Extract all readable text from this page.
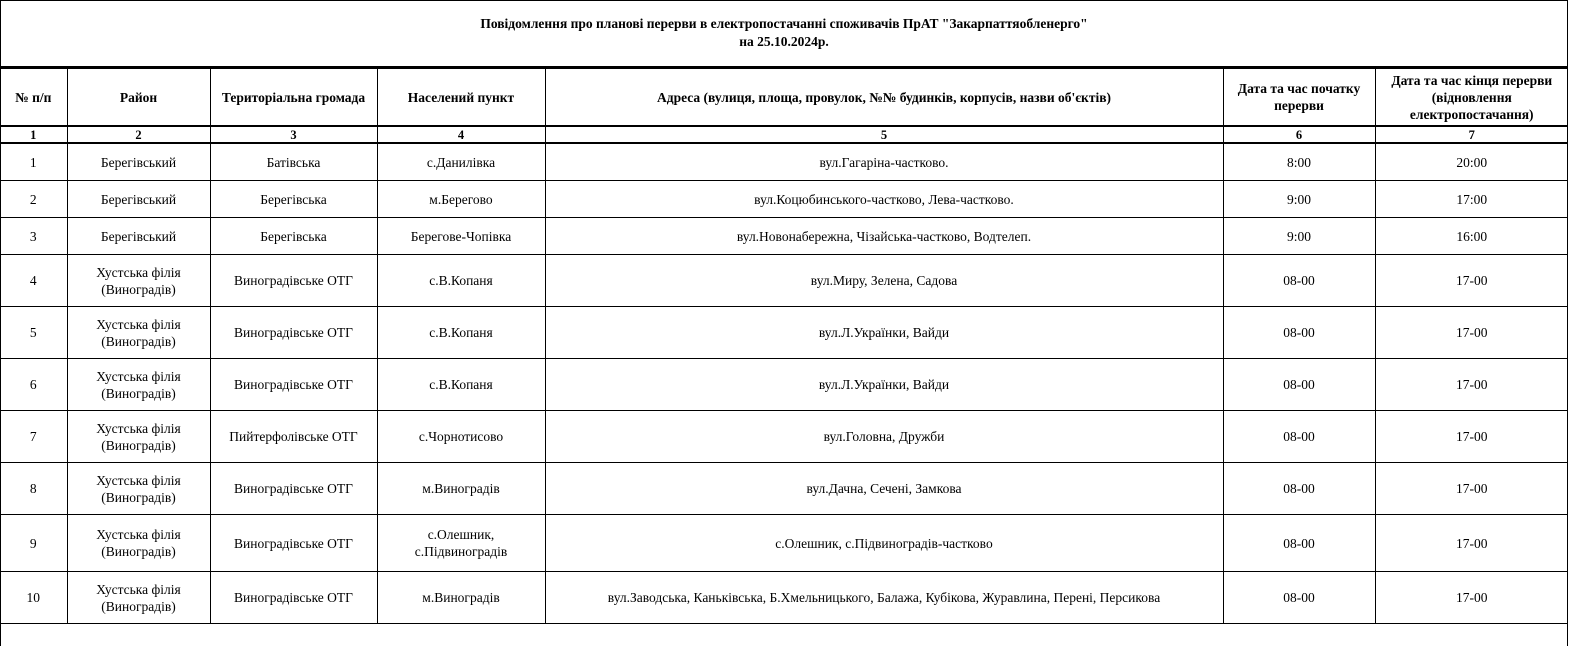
Повідомлення про планові перерви в електропостачанні споживачів ПрАТ "Закарпаттяобленерго"
на 25.10.2024р.
№ п/п	Район	Територіальна громада	Населений пункт	Адреса (вулиця, площа, провулок, №№ будинків, корпусів, назви об'єктів)	Дата та час початку перерви	Дата та час кінця перерви (відновлення електропостачання)
1	2	3	4	5	6	7
1	Берегівський	Батівська	с.Данилівка	вул.Гагаріна-частково.	8:00	20:00
2	Берегівський	Берегівська	м.Берегово	вул.Коцюбинського-частково, Лева-частково.	9:00	17:00
3	Берегівський	Берегівська	Берегове-Чопівка	вул.Новонабережна, Чізайська-частково, Водтелеп.	9:00	16:00
4	Хустська філія (Виноградів)	Виноградівське ОТГ	с.В.Копаня	вул.Миру, Зелена, Садова	08-00	17-00
5	Хустська філія (Виноградів)	Виноградівське ОТГ	с.В.Копаня	вул.Л.Українки, Вайди	08-00	17-00
6	Хустська філія (Виноградів)	Виноградівське ОТГ	с.В.Копаня	вул.Л.Українки, Вайди	08-00	17-00
7	Хустська філія (Виноградів)	Пийтерфолівське ОТГ	с.Чорнотисово	вул.Головна, Дружби	08-00	17-00
8	Хустська філія (Виноградів)	Виноградівське ОТГ	м.Виноградів	вул.Дачна, Сечені, Замкова	08-00	17-00
9	Хустська філія (Виноградів)	Виноградівське ОТГ	с.Олешник, с.Підвиноградів	с.Олешник, с.Підвиноградів-частково	08-00	17-00
10	Хустська філія (Виноградів)	Виноградівське ОТГ	м.Виноградів	вул.Заводська, Каньківська, Б.Хмельницького, Балажа, Кубікова, Журавлина, Перені, Персикова	08-00	17-00
